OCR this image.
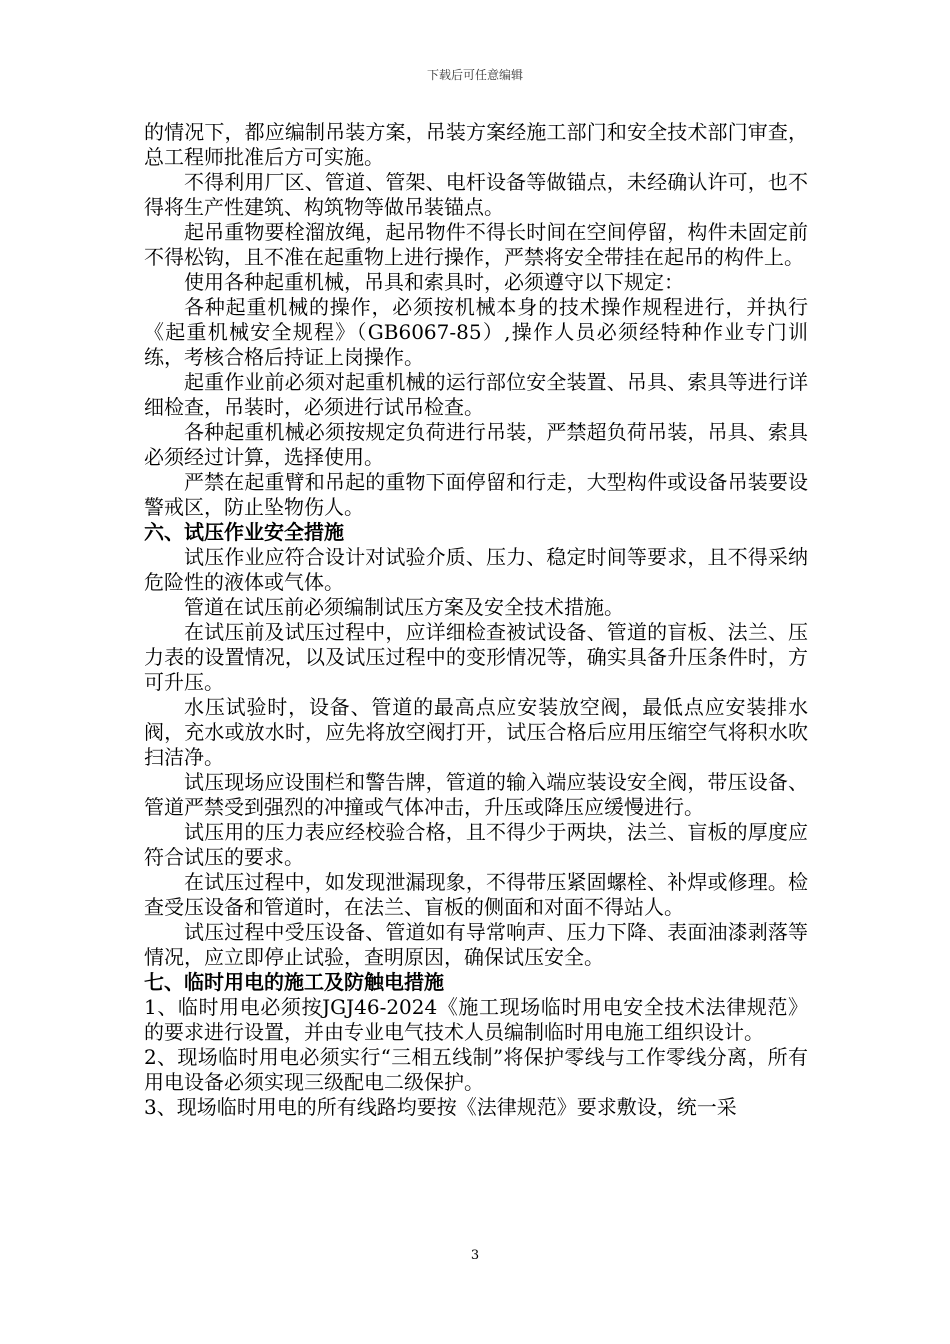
下载后可任意编辑

的情况下，都应编制吊装方案，吊装方案经施工部门和安全技术部门审查，总工程师批准后方可实施。

不得利用厂区、管道、管架、电杆设备等做锚点，未经确认许可，也不得将生产性建筑、构筑物等做吊装锚点。

起吊重物要栓溜放绳，起吊物件不得长时间在空间停留，构件未固定前不得松钩，且不准在起重物上进行操作，严禁将安全带挂在起吊的构件上。

使用各种起重机械，吊具和索具时，必须遵守以下规定：

各种起重机械的操作，必须按机械本身的技术操作规程进行，并执行《起重机械安全规程》（GB6067-85）,操作人员必须经特种作业专门训练，考核合格后持证上岗操作。

起重作业前必须对起重机械的运行部位安全装置、吊具、索具等进行详细检查，吊装时，必须进行试吊检查。

各种起重机械必须按规定负荷进行吊装，严禁超负荷吊装，吊具、索具必须经过计算，选择使用。

严禁在起重臂和吊起的重物下面停留和行走，大型构件或设备吊装要设警戒区，防止坠物伤人。

六、试压作业安全措施

试压作业应符合设计对试验介质、压力、稳定时间等要求，且不得采纳危险性的液体或气体。

管道在试压前必须编制试压方案及安全技术措施。

在试压前及试压过程中，应详细检查被试设备、管道的盲板、法兰、压力表的设置情况，以及试压过程中的变形情况等，确实具备升压条件时，方可升压。

水压试验时，设备、管道的最高点应安装放空阀，最低点应安装排水阀，充水或放水时，应先将放空阀打开，试压合格后应用压缩空气将积水吹扫洁净。

试压现场应设围栏和警告牌，管道的输入端应装设安全阀，带压设备、管道严禁受到强烈的冲撞或气体冲击，升压或降压应缓慢进行。

试压用的压力表应经校验合格，且不得少于两块，法兰、盲板的厚度应符合试压的要求。

在试压过程中，如发现泄漏现象，不得带压紧固螺栓、补焊或修理。检查受压设备和管道时，在法兰、盲板的侧面和对面不得站人。

试压过程中受压设备、管道如有导常响声、压力下降、表面油漆剥落等情况，应立即停止试验，查明原因，确保试压安全。

七、临时用电的施工及防触电措施

1、临时用电必须按JGJ46-2024《施工现场临时用电安全技术法律规范》的要求进行设置，并由专业电气技术人员编制临时用电施工组织设计。

2、现场临时用电必须实行“三相五线制”将保护零线与工作零线分离，所有用电设备必须实现三级配电二级保护。

3、现场临时用电的所有线路均要按《法律规范》要求敷设，统一采

3
